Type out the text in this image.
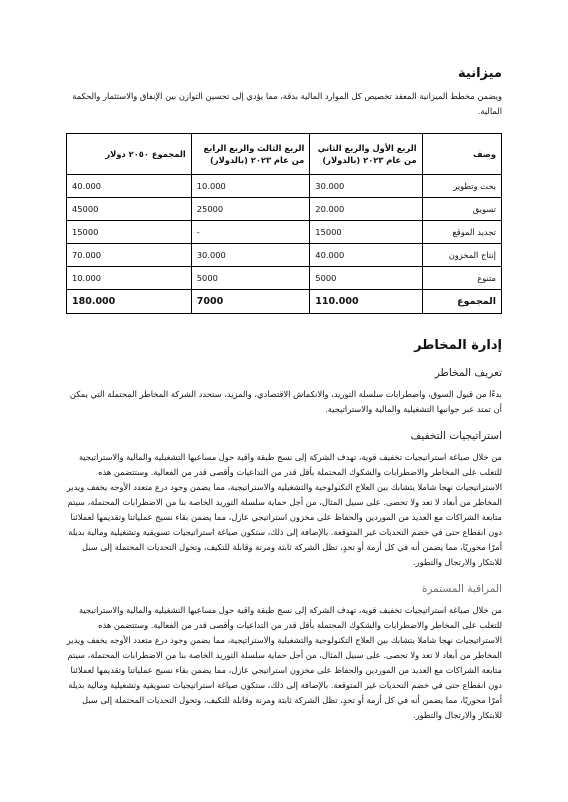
ميزانية

ويضمن مخطط الميزانية المعقد تخصيص كل الموارد المالية بدقة، مما يؤدي إلى تحسين التوازن بين الإنفاق والاستثمار والحكمة المالية.

وصف	الربع الأول والربع الثاني من عام ٢٠٢٣ (بالدولار)	الربع الثالث والربع الرابع من عام ٢٠٢٣ (بالدولار)	المجموع ٢٠٥٠ دولار
بحث وتطوير	30.000	10.000	40.000
تسويق	20.000	25000	45000
تجديد الموقع	15000	-	15000
إنتاج المخزون	40.000	30.000	70.000
متنوع	5000	5000	10.000
المجموع	110.000	7000	180.000
إدارة المخاطر
تعريف المخاطر

بدءًا من قبول السوق، واضطرابات سلسلة التوريد، والانكماش الاقتصادي، والمزيد، ستحدد الشركة المخاطر المحتملة التي يمكن أن تمتد عبر جوانبها التشغيلية والمالية والاستراتيجية.

استراتيجيات التخفيف

من خلال صياغة استراتيجيات تخفيف قوية، تهدف الشركة إلى نسج طبقة واقية حول مساعيها التشغيلية والمالية والاستراتيجية للتغلب على المخاطر والاضطرابات والشكوك المحتملة بأقل قدر من التداعيات وأقصى قدر من الفعالية. وستتضمن هذه الاستراتيجيات نهجا شاملا يتشابك بين العلاج التكنولوجية والتشغيلية والاستراتيجية، مما يضمن وجود درع متعدد الأوجه يخفف ويدير المخاطر من أبعاد لا تعد ولا تحصى. على سبيل المثال، من أجل حماية سلسلة التوريد الخاصة بنا من الاضطرابات المحتملة، سيتم متابعة الشراكات مع العديد من الموردين والحفاظ على مخزون استراتيجي عازل، مما يضمن بقاء نسيج عملياتنا وتقديمها لعملائنا دون انقطاع حتى في خضم التحديات غير المتوقعة. بالإضافة إلى ذلك، ستكون صياغة استراتيجيات تسويقية وتشغيلية ومالية بديلة أمرًا محوريًا، مما يضمن أنه في كل أزمة أو تحدٍ، تظل الشركة ثابتة ومرنة وقابلة للتكيف، وتحول التحديات المحتملة إلى سبل للابتكار والارتجال والتطور.

المراقبة المستمرة

من خلال صياغة استراتيجيات تخفيف قوية، تهدف الشركة إلى نسج طبقة واقية حول مساعيها التشغيلية والمالية والاستراتيجية للتغلب على المخاطر والاضطرابات والشكوك المحتملة بأقل قدر من التداعيات وأقصى قدر من الفعالية. وستتضمن هذه الاستراتيجيات نهجا شاملا يتشابك بين العلاج التكنولوجية والتشغيلية والاستراتيجية، مما يضمن وجود درع متعدد الأوجه يخفف ويدير المخاطر من أبعاد لا تعد ولا تحصى. على سبيل المثال، من أجل حماية سلسلة التوريد الخاصة بنا من الاضطرابات المحتملة، سيتم متابعة الشراكات مع العديد من الموردين والحفاظ على مخزون استراتيجي عازل، مما يضمن بقاء نسيج عملياتنا وتقديمها لعملائنا دون انقطاع حتى في خضم التحديات غير المتوقعة. بالإضافة إلى ذلك، ستكون صياغة استراتيجيات تسويقية وتشغيلية ومالية بديلة أمرًا محوريًا، مما يضمن أنه في كل أزمة أو تحدٍ، تظل الشركة ثابتة ومرنة وقابلة للتكيف، وتحول التحديات المحتملة إلى سبل للابتكار والارتجال والتطور.
